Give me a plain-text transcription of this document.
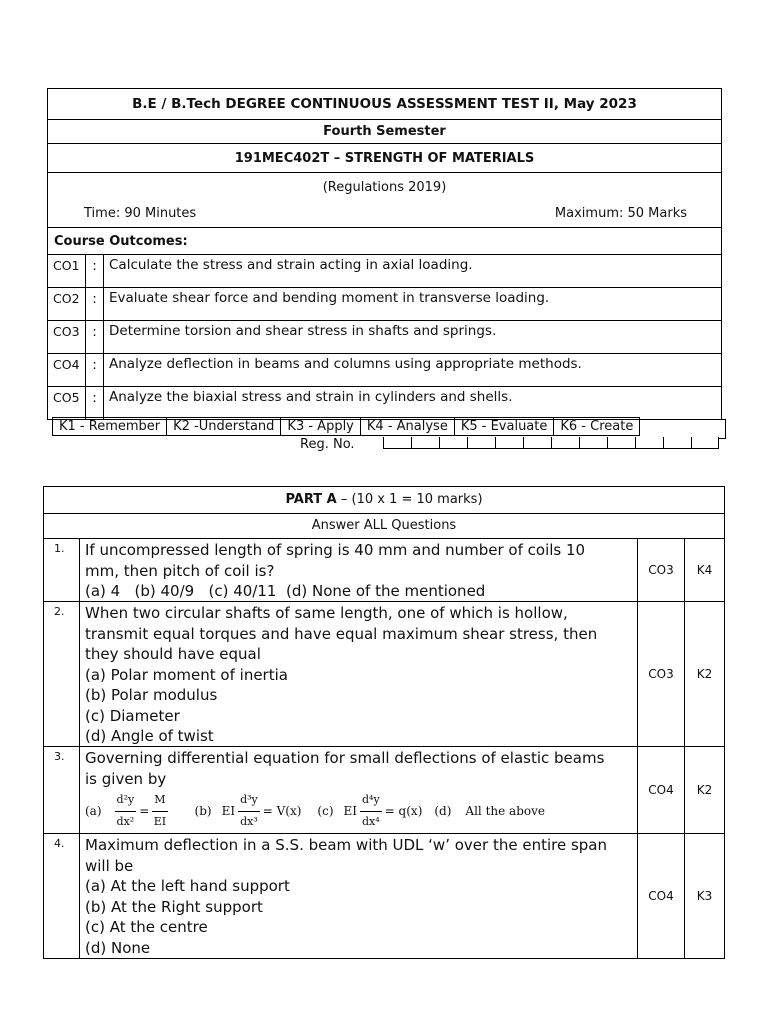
B.E / B.Tech DEGREE CONTINUOUS ASSESSMENT TEST II, May 2023
Fourth Semester
191MEC402T – STRENGTH OF MATERIALS
(Regulations 2019)
Time: 90 Minutes	Maximum: 50 Marks
Course Outcomes:
CO1 : Calculate the stress and strain acting in axial loading.
CO2 : Evaluate shear force and bending moment in transverse loading.
CO3 : Determine torsion and shear stress in shafts and springs.
CO4 : Analyze deflection in beams and columns using appropriate methods.
CO5 : Analyze the biaxial stress and strain in cylinders and shells.
K1 - Remember	K2 -Understand	K3 - Apply	K4 - Analyse	K5 - Evaluate	K6 - Create
Reg. No.
PART A – (10 x 1 = 10 marks)
Answer ALL Questions
1.	If uncompressed length of spring is 40 mm and number of coils 10
mm, then pitch of coil is?
(a) 4   (b) 40/9   (c) 40/11  (d) None of the mentioned
CO3	K4
2.	When two circular shafts of same length, one of which is hollow,
transmit equal torques and have equal maximum shear stress, then
they should have equal
(a) Polar moment of inertia
(b) Polar modulus
(c) Diameter
(d) Angle of twist
CO3	K2
3.	Governing differential equation for small deflections of elastic beams
is given by
$(a) \frac{\text{d²y}}{\text{dx²}} = \frac{M}{EI} (b)$ EI $\frac{\text{d³y}}{\text{dx³}} = V(x)$ (c) EI $\frac{\text{d⁴y}}{\text{dx⁴}} = q(x)$ (d) All the above
CO4	K2
4.	Maximum deflection in a S.S. beam with UDL ‘w’ over the entire span
will be
(a) At the left hand support
(b) At the Right support
(c) At the centre
(d) None
CO4	K3
